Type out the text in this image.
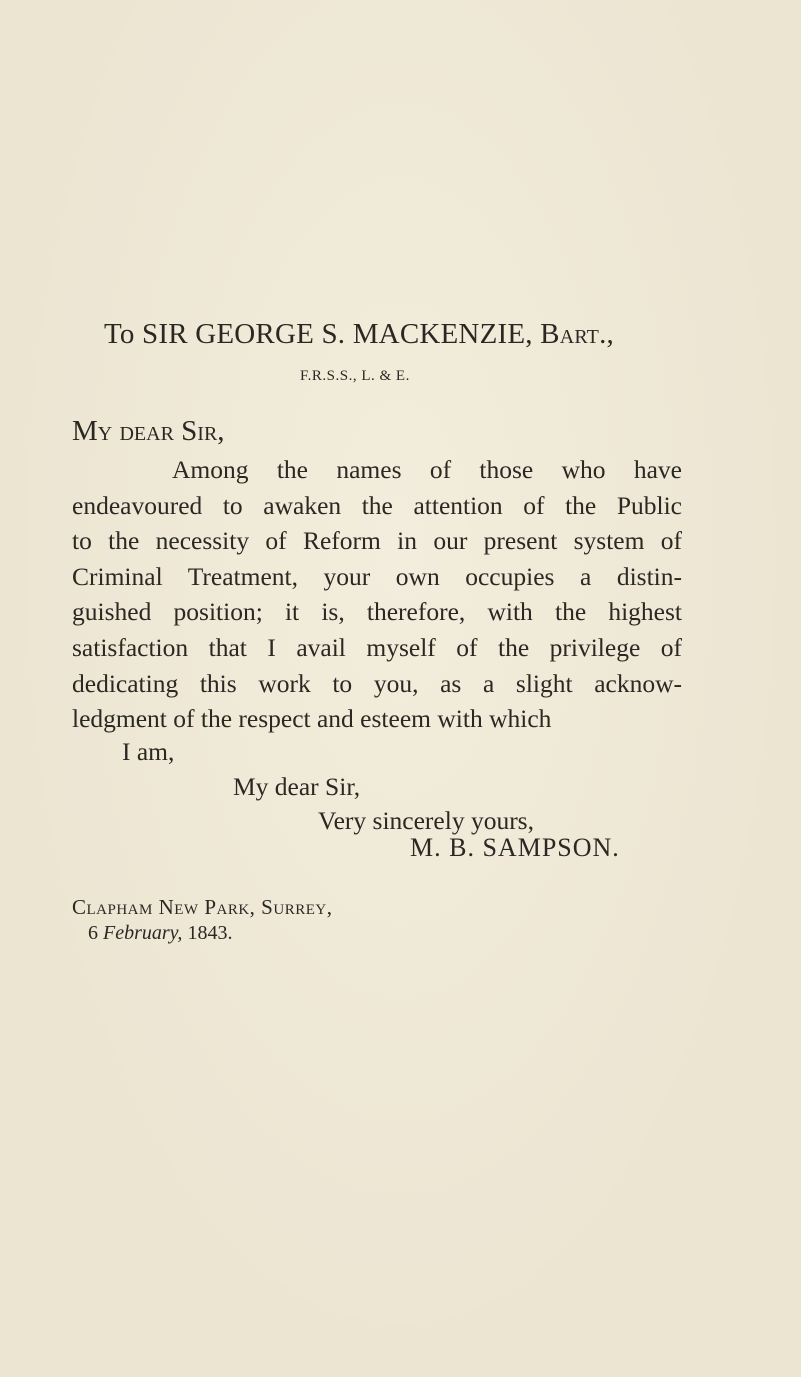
To SIR GEORGE S. MACKENZIE, Bart.,
F.R.S.S., L. & E.
My dear Sir,
Among the names of those who have
endeavoured to awaken the attention of the Public
to the necessity of Reform in our present system of
Criminal Treatment, your own occupies a distin-
guished position; it is, therefore, with the highest
satisfaction that I avail myself of the privilege of
dedicating this work to you, as a slight acknow-
ledgment of the respect and esteem with which
I am,
My dear Sir,
Very sincerely yours,
M. B. SAMPSON.
Clapham New Park, Surrey,
6 February, 1843.
